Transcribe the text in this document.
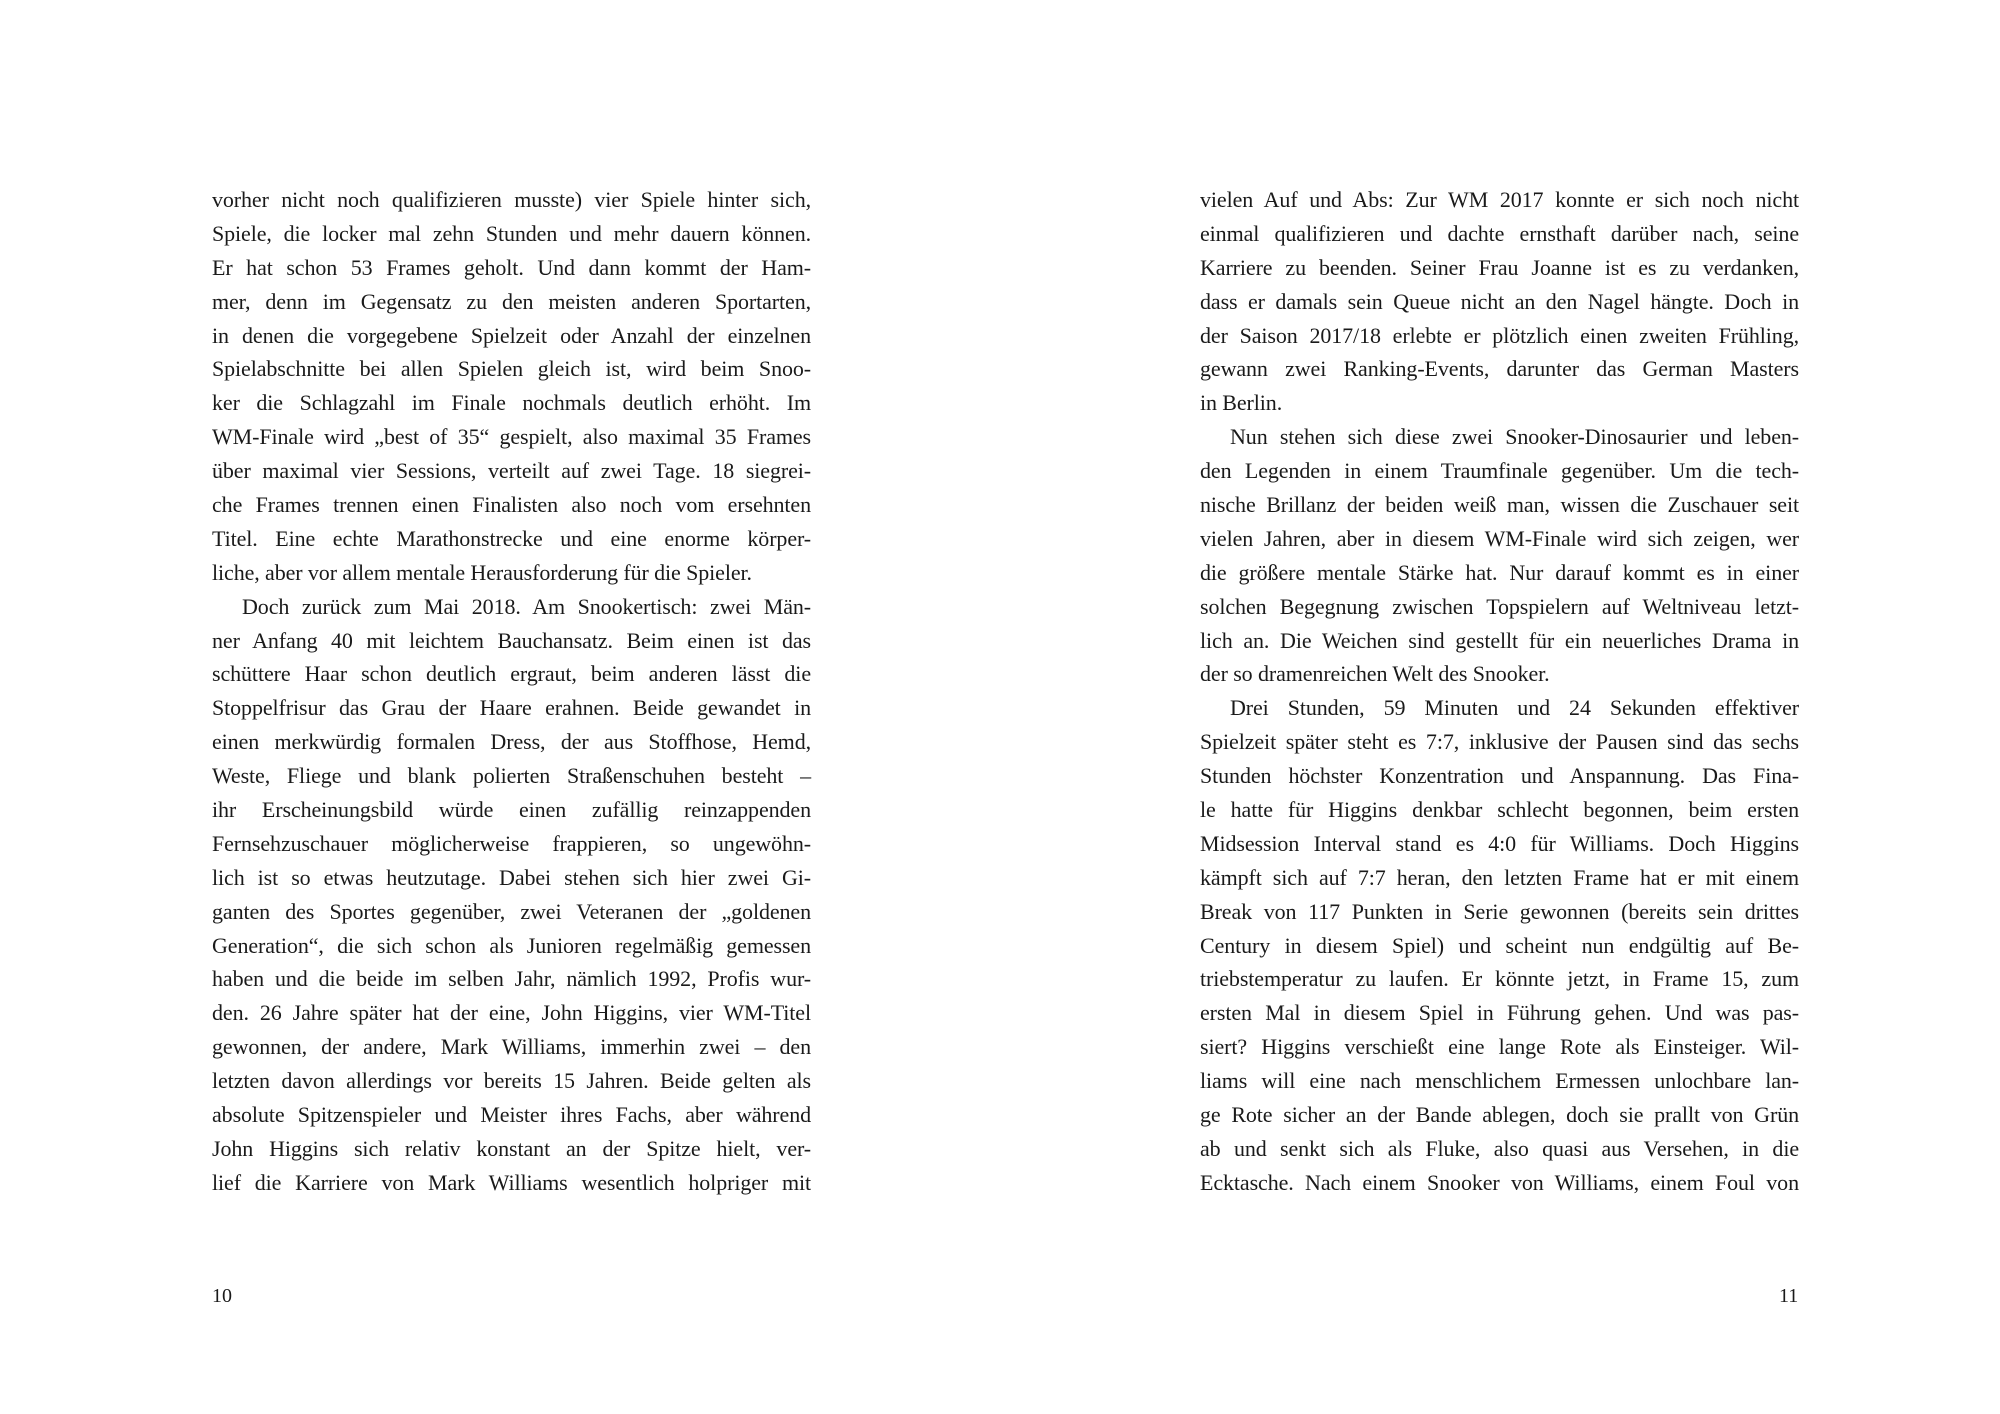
vorher nicht noch qualifizieren musste) vier Spiele hinter sich,
Spiele, die locker mal zehn Stunden und mehr dauern können.
Er hat schon 53 Frames geholt. Und dann kommt der Ham-
mer, denn im Gegensatz zu den meisten anderen Sportarten,
in denen die vorgegebene Spielzeit oder Anzahl der einzelnen
Spielabschnitte bei allen Spielen gleich ist, wird beim Snoo-
ker die Schlagzahl im Finale nochmals deutlich erhöht. Im
WM-Finale wird „best of 35“ gespielt, also maximal 35 Frames
über maximal vier Sessions, verteilt auf zwei Tage. 18 siegrei-
che Frames trennen einen Finalisten also noch vom ersehnten
Titel. Eine echte Marathonstrecke und eine enorme körper-
liche, aber vor allem mentale Herausforderung für die Spieler.
Doch zurück zum Mai 2018. Am Snookertisch: zwei Män-
ner Anfang 40 mit leichtem Bauchansatz. Beim einen ist das
schüttere Haar schon deutlich ergraut, beim anderen lässt die
Stoppelfrisur das Grau der Haare erahnen. Beide gewandet in
einen merkwürdig formalen Dress, der aus Stoffhose, Hemd,
Weste, Fliege und blank polierten Straßenschuhen besteht –
ihr Erscheinungsbild würde einen zufällig reinzappenden
Fernsehzuschauer möglicherweise frappieren, so ungewöhn-
lich ist so etwas heutzutage. Dabei stehen sich hier zwei Gi-
ganten des Sportes gegenüber, zwei Veteranen der „goldenen
Generation“, die sich schon als Junioren regelmäßig gemessen
haben und die beide im selben Jahr, nämlich 1992, Profis wur-
den. 26 Jahre später hat der eine, John Higgins, vier WM-Titel
gewonnen, der andere, Mark Williams, immerhin zwei – den
letzten davon allerdings vor bereits 15 Jahren. Beide gelten als
absolute Spitzenspieler und Meister ihres Fachs, aber während
John Higgins sich relativ konstant an der Spitze hielt, ver-
lief die Karriere von Mark Williams wesentlich holpriger mit
10
vielen Auf und Abs: Zur WM 2017 konnte er sich noch nicht
einmal qualifizieren und dachte ernsthaft darüber nach, seine
Karriere zu beenden. Seiner Frau Joanne ist es zu verdanken,
dass er damals sein Queue nicht an den Nagel hängte. Doch in
der Saison 2017/18 erlebte er plötzlich einen zweiten Frühling,
gewann zwei Ranking-Events, darunter das German Masters
in Berlin.
Nun stehen sich diese zwei Snooker-Dinosaurier und leben-
den Legenden in einem Traumfinale gegenüber. Um die tech-
nische Brillanz der beiden weiß man, wissen die Zuschauer seit
vielen Jahren, aber in diesem WM-Finale wird sich zeigen, wer
die größere mentale Stärke hat. Nur darauf kommt es in einer
solchen Begegnung zwischen Topspielern auf Weltniveau letzt-
lich an. Die Weichen sind gestellt für ein neuerliches Drama in
der so dramenreichen Welt des Snooker.
Drei Stunden, 59 Minuten und 24 Sekunden effektiver
Spielzeit später steht es 7:7, inklusive der Pausen sind das sechs
Stunden höchster Konzentration und Anspannung. Das Fina-
le hatte für Higgins denkbar schlecht begonnen, beim ersten
Midsession Interval stand es 4:0 für Williams. Doch Higgins
kämpft sich auf 7:7 heran, den letzten Frame hat er mit einem
Break von 117 Punkten in Serie gewonnen (bereits sein drittes
Century in diesem Spiel) und scheint nun endgültig auf Be-
triebstemperatur zu laufen. Er könnte jetzt, in Frame 15, zum
ersten Mal in diesem Spiel in Führung gehen. Und was pas-
siert? Higgins verschießt eine lange Rote als Einsteiger. Wil-
liams will eine nach menschlichem Ermessen unlochbare lan-
ge Rote sicher an der Bande ablegen, doch sie prallt von Grün
ab und senkt sich als Fluke, also quasi aus Versehen, in die
Ecktasche. Nach einem Snooker von Williams, einem Foul von
11
